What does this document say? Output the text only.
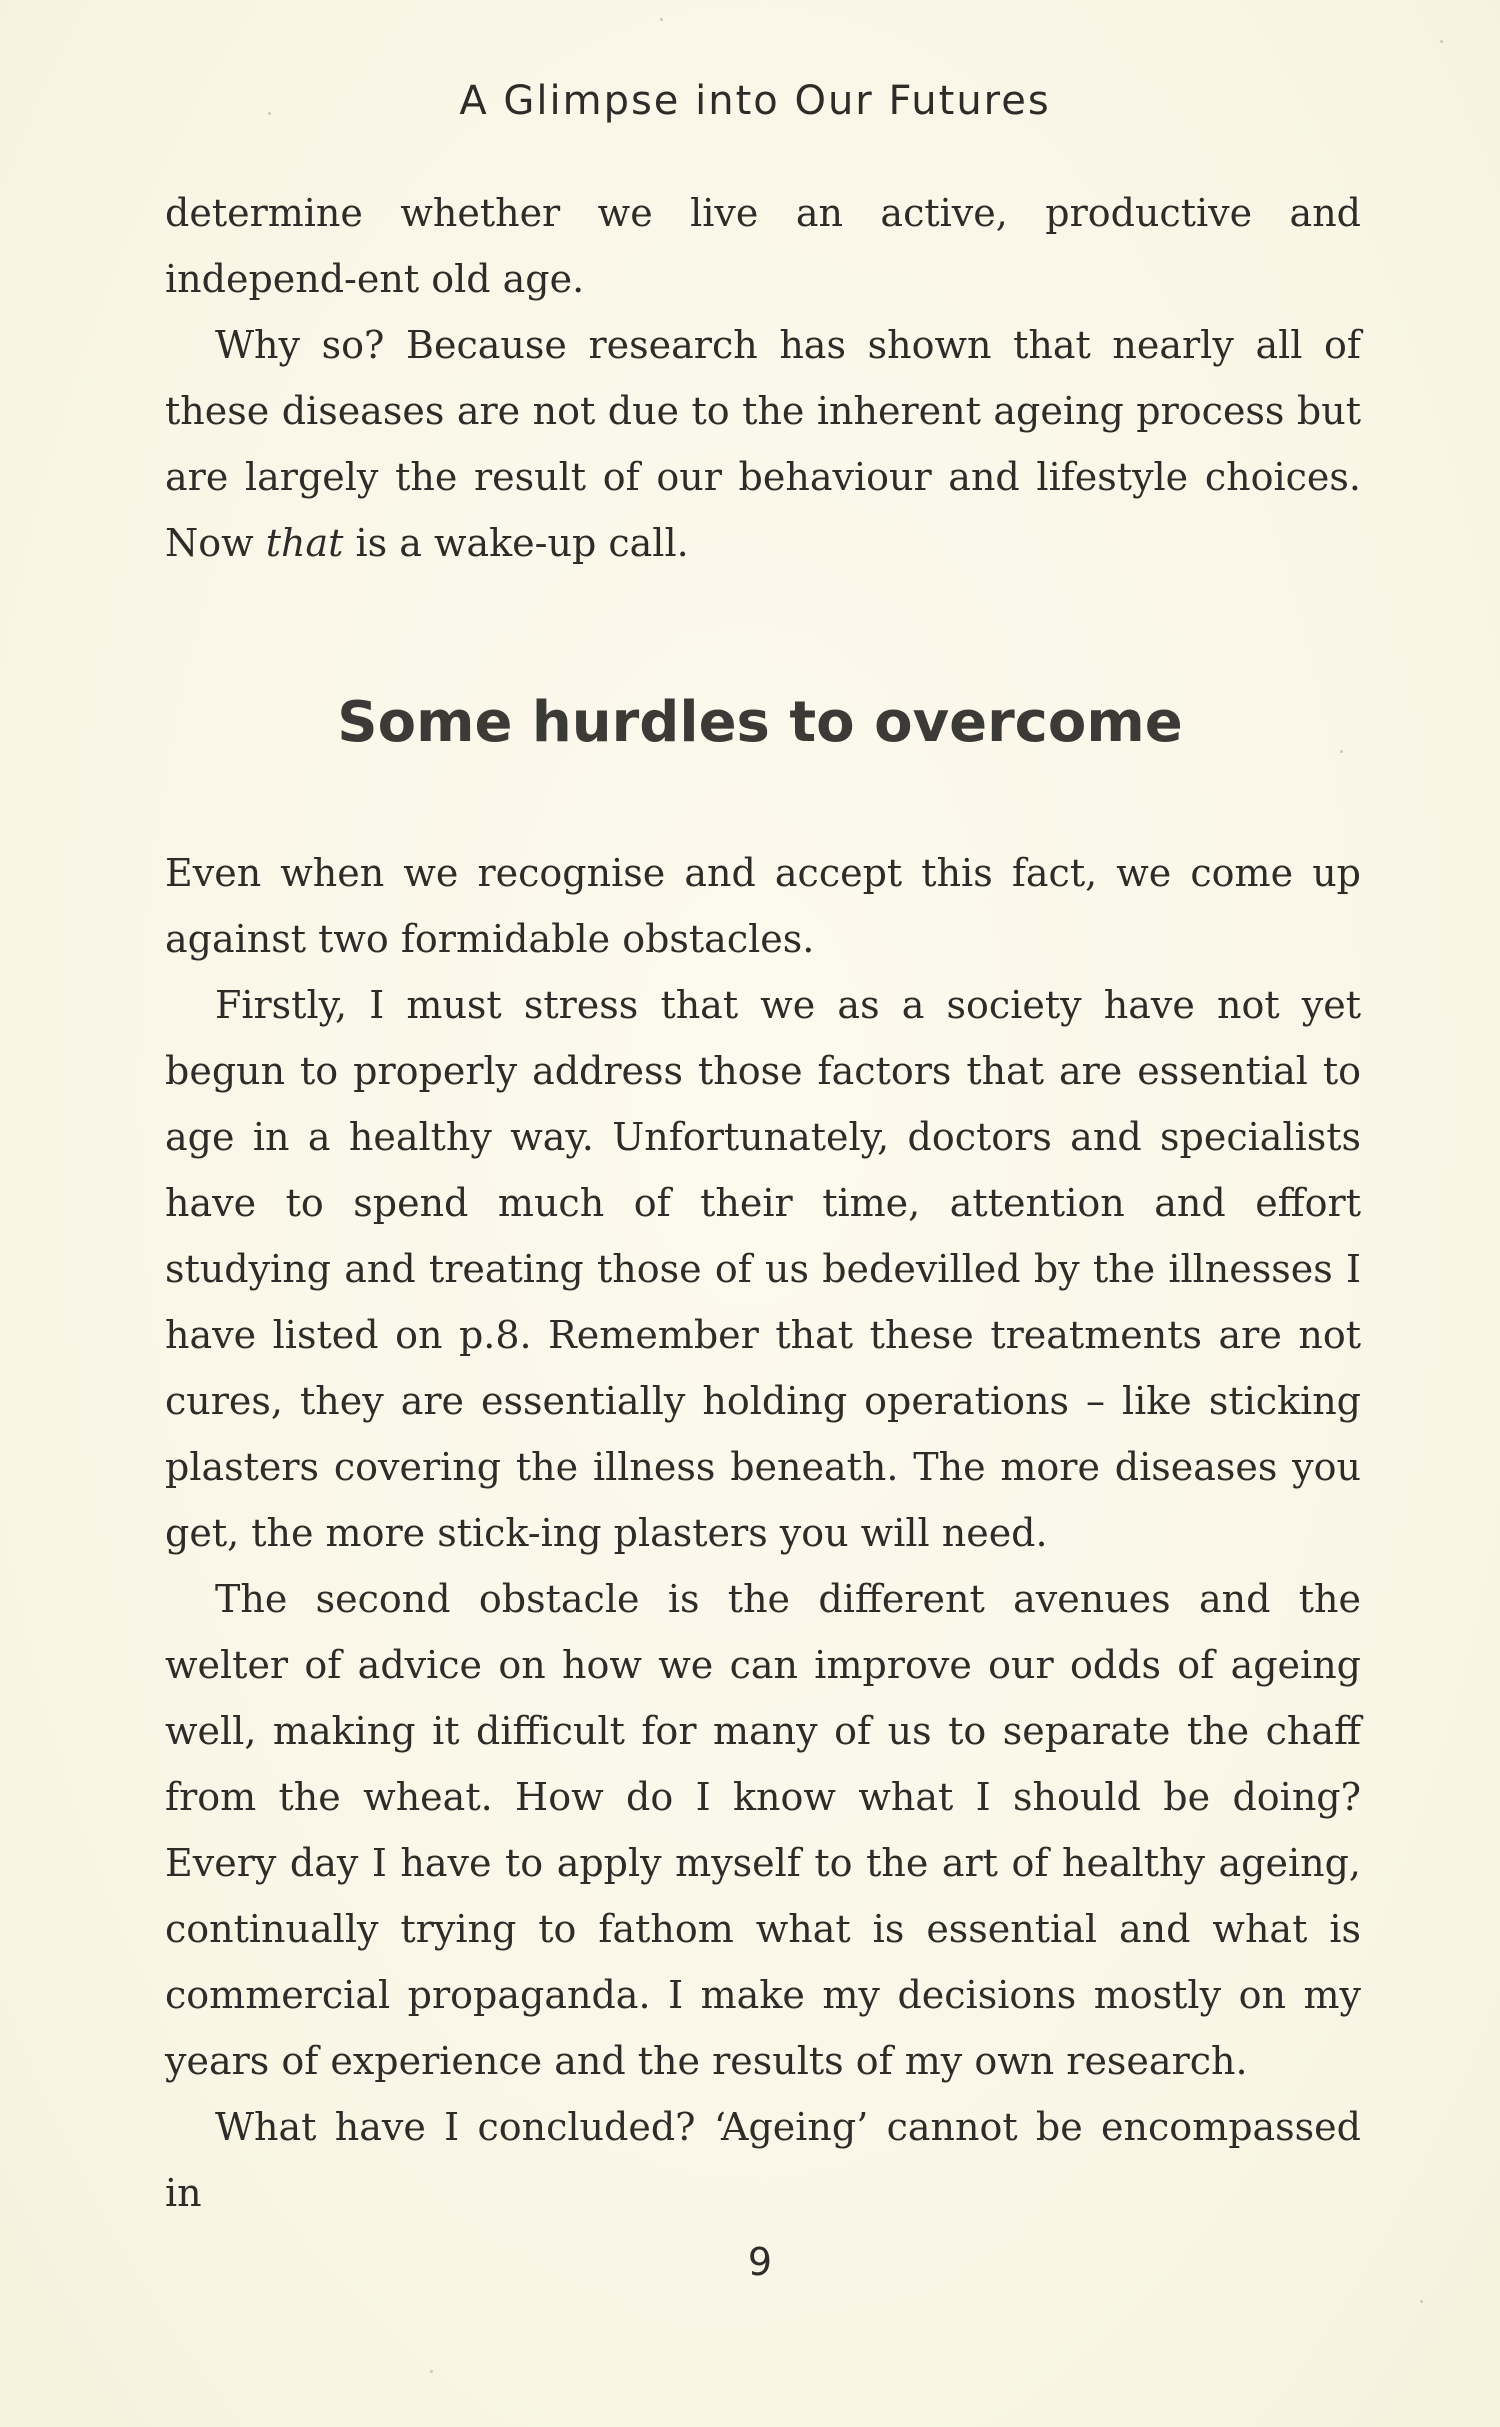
A Glimpse into Our Futures

determine whether we live an active, productive and independ-ent old age.

Why so? Because research has shown that nearly all of these diseases are not due to the inherent ageing process but are largely the result of our behaviour and lifestyle choices. Now that is a wake-up call.

Some hurdles to overcome

Even when we recognise and accept this fact, we come up against two formidable obstacles.

Firstly, I must stress that we as a society have not yet begun to properly address those factors that are essential to age in a healthy way. Unfortunately, doctors and specialists have to spend much of their time, attention and effort studying and treating those of us bedevilled by the illnesses I have listed on p.8. Remember that these treatments are not cures, they are essentially holding operations – like sticking plasters covering the illness beneath. The more diseases you get, the more stick-ing plasters you will need.

The second obstacle is the different avenues and the welter of advice on how we can improve our odds of ageing well, making it difficult for many of us to separate the chaff from the wheat. How do I know what I should be doing? Every day I have to apply myself to the art of healthy ageing, continually trying to fathom what is essential and what is commercial propaganda. I make my decisions mostly on my years of experience and the results of my own research.

What have I concluded? ‘Ageing’ cannot be encompassed in

9
